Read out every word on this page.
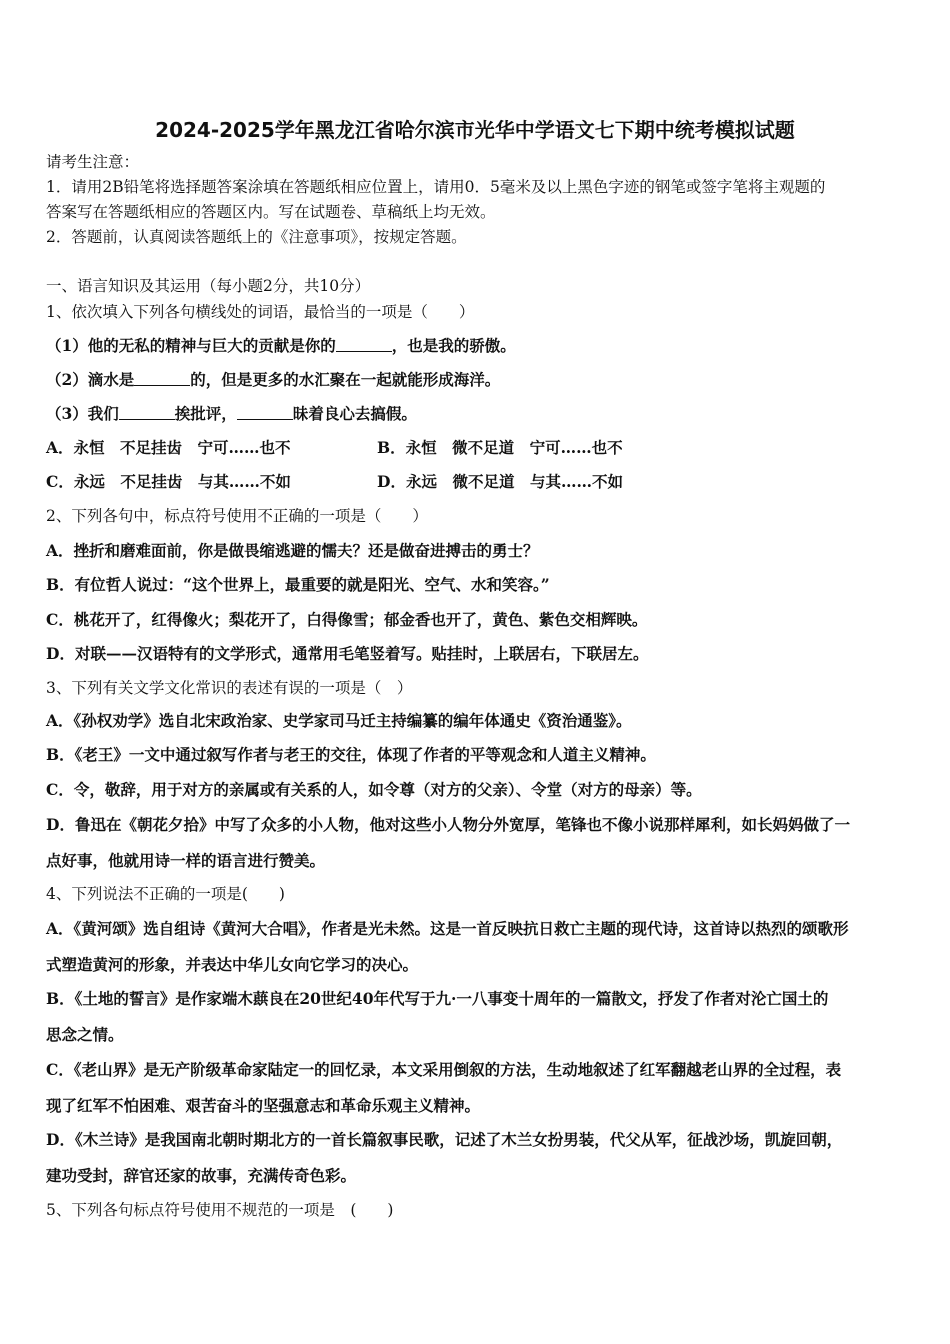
2024-2025学年黑龙江省哈尔滨市光华中学语文七下期中统考模拟试题
请考生注意：
1．请用2B铅笔将选择题答案涂填在答题纸相应位置上，请用0．5毫米及以上黑色字迹的钢笔或签字笔将主观题的
答案写在答题纸相应的答题区内。写在试题卷、草稿纸上均无效。
2．答题前，认真阅读答题纸上的《注意事项》，按规定答题。
一、语言知识及其运用（每小题2分，共10分）
1、依次填入下列各句横线处的词语，最恰当的一项是（　　）
（1）他的无私的精神与巨大的贡献是你的	，也是我的骄傲。
（2）滴水是	的，但是更多的水汇聚在一起就能形成海洋。
（3）我们	挨批评，	昧着良心去搞假。
A．永恒　不足挂齿　宁可……也不	B．永恒　微不足道　宁可……也不
C．永远　不足挂齿　与其……不如	D．永远　微不足道　与其……不如
2、下列各句中，标点符号使用不正确的一项是（　　）
A．挫折和磨难面前，你是做畏缩逃避的懦夫？还是做奋进搏击的勇士？
B．有位哲人说过：“这个世界上，最重要的就是阳光、空气、水和笑容。”
C．桃花开了，红得像火；梨花开了，白得像雪；郁金香也开了，黄色、紫色交相辉映。
D．对联——汉语特有的文学形式，通常用毛笔竖着写。贴挂时，上联居右，下联居左。
3、下列有关文学文化常识的表述有误的一项是（　）
A．《孙权劝学》选自北宋政治家、史学家司马迁主持编纂的编年体通史《资治通鉴》。
B．《老王》一文中通过叙写作者与老王的交往，体现了作者的平等观念和人道主义精神。
C．令，敬辞，用于对方的亲属或有关系的人，如令尊（对方的父亲）、令堂（对方的母亲）等。
D．鲁迅在《朝花夕拾》中写了众多的小人物，他对这些小人物分外宽厚，笔锋也不像小说那样犀利，如长妈妈做了一
点好事，他就用诗一样的语言进行赞美。
4、下列说法不正确的一项是(　　)
A．《黄河颂》选自组诗《黄河大合唱》，作者是光未然。这是一首反映抗日救亡主题的现代诗，这首诗以热烈的颂歌形
式塑造黄河的形象，并表达中华儿女向它学习的决心。
B．《土地的誓言》是作家端木蕻良在20世纪40年代写于九·一八事变十周年的一篇散文，抒发了作者对沦亡国土的
思念之情。
C．《老山界》是无产阶级革命家陆定一的回忆录，本文采用倒叙的方法，生动地叙述了红军翻越老山界的全过程，表
现了红军不怕困难、艰苦奋斗的坚强意志和革命乐观主义精神。
D．《木兰诗》是我国南北朝时期北方的一首长篇叙事民歌，记述了木兰女扮男装，代父从军，征战沙场，凯旋回朝，
建功受封，辞官还家的故事，充满传奇色彩。
5、下列各句标点符号使用不规范的一项是　(　　)
